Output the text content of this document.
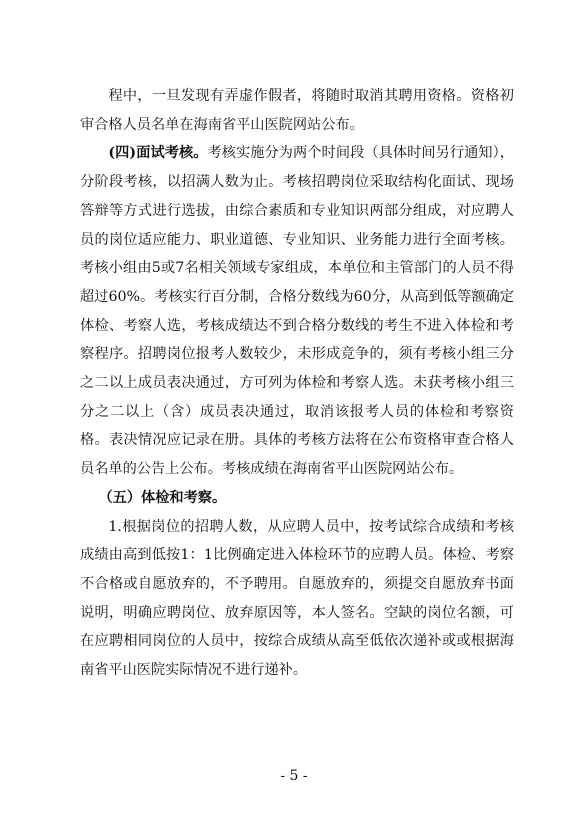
程中，一旦发现有弄虚作假者，将随时取消其聘用资格。资格初审合格人员名单在海南省平山医院网站公布。

(四)面试考核。考核实施分为两个时间段（具体时间另行通知），分阶段考核，以招满人数为止。考核招聘岗位采取结构化面试、现场答辩等方式进行选拔，由综合素质和专业知识两部分组成，对应聘人员的岗位适应能力、职业道德、专业知识、业务能力进行全面考核。考核小组由5或7名相关领域专家组成，本单位和主管部门的人员不得超过60%。考核实行百分制，合格分数线为60分，从高到低等额确定体检、考察人选，考核成绩达不到合格分数线的考生不进入体检和考察程序。招聘岗位报考人数较少，未形成竞争的，须有考核小组三分之二以上成员表决通过，方可列为体检和考察人选。未获考核小组三分之二以上（含）成员表决通过，取消该报考人员的体检和考察资格。表决情况应记录在册。具体的考核方法将在公布资格审查合格人员名单的公告上公布。考核成绩在海南省平山医院网站公布。

（五）体检和考察。

1.根据岗位的招聘人数，从应聘人员中，按考试综合成绩和考核成绩由高到低按1：1比例确定进入体检环节的应聘人员。体检、考察不合格或自愿放弃的，不予聘用。自愿放弃的，须提交自愿放弃书面说明，明确应聘岗位、放弃原因等，本人签名。空缺的岗位名额，可在应聘相同岗位的人员中，按综合成绩从高至低依次递补或或根据海南省平山医院实际情况不进行递补。

- 5 -
